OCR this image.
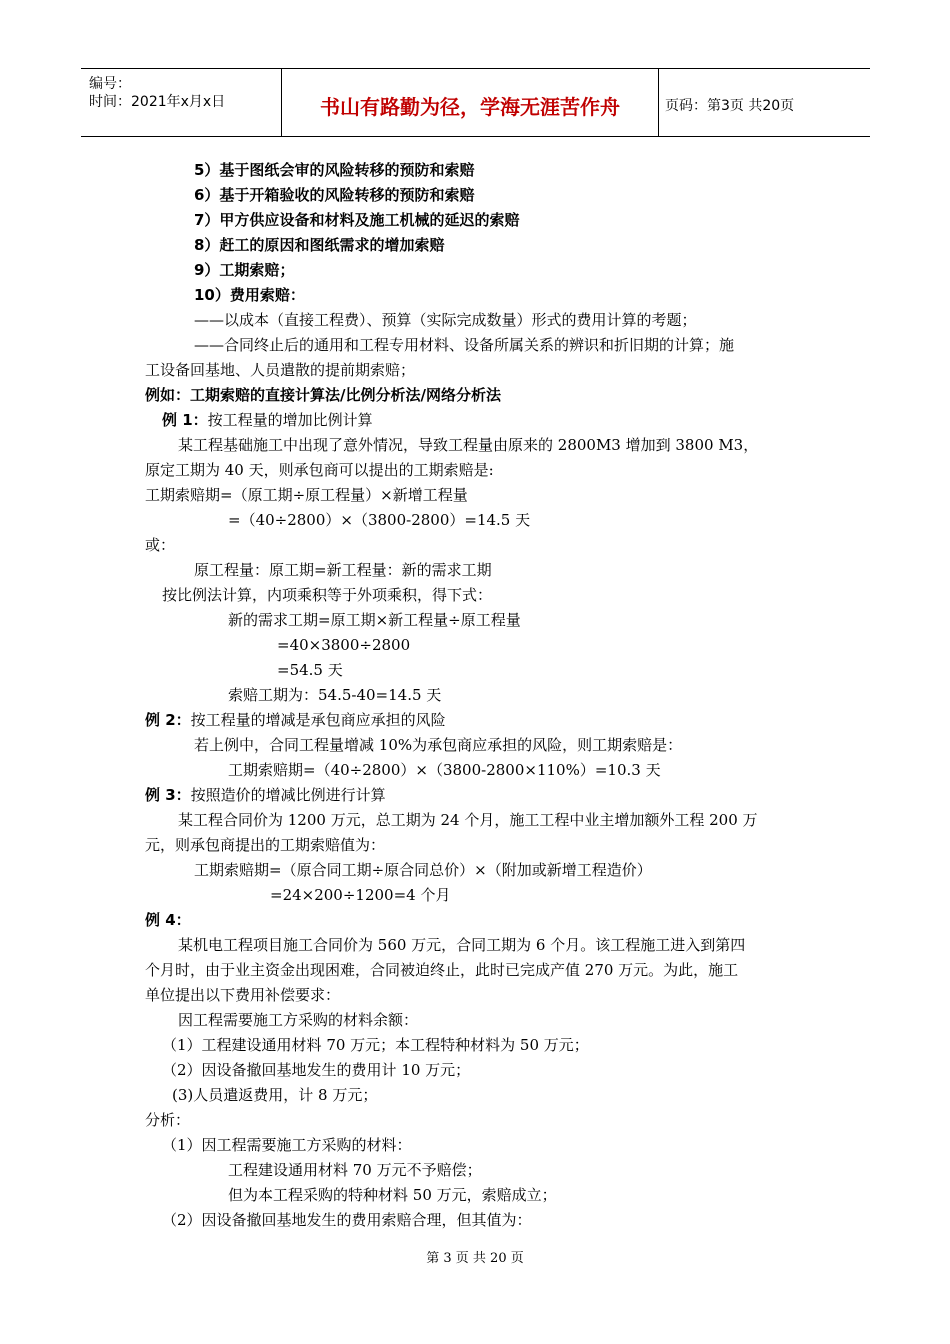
编号：
时间：2021年x月x日	书山有路勤为径，学海无涯苦作舟	页码：第3页 共20页
5）基于图纸会审的风险转移的预防和索赔
6）基于开箱验收的风险转移的预防和索赔
7）甲方供应设备和材料及施工机械的延迟的索赔
8）赶工的原因和图纸需求的增加索赔
9）工期索赔；
10）费用索赔：
——以成本（直接工程费）、预算（实际完成数量）形式的费用计算的考题；
——合同终止后的通用和工程专用材料、设备所属关系的辨识和折旧期的计算；施
工设备回基地、人员遣散的提前期索赔；
例如：工期索赔的直接计算法/比例分析法/网络分析法
例 1：按工程量的增加比例计算
某工程基础施工中出现了意外情况，导致工程量由原来的 2800M3 增加到 3800 M3，
原定工期为 40 天，则承包商可以提出的工期索赔是:
工期索赔期=（原工期÷原工程量）×新增工程量
=（40÷2800）×（3800-2800）=14.5 天
或：
原工程量：原工期=新工程量：新的需求工期
按比例法计算，内项乘积等于外项乘积，得下式：
新的需求工期=原工期×新工程量÷原工程量
=40×3800÷2800
=54.5 天
索赔工期为：54.5-40=14.5 天
例 2：按工程量的增减是承包商应承担的风险
若上例中，合同工程量增减 10%为承包商应承担的风险，则工期索赔是：
工期索赔期=（40÷2800）×（3800-2800×110%）=10.3 天
例 3：按照造价的增减比例进行计算
某工程合同价为 1200 万元，总工期为 24 个月，施工工程中业主增加额外工程 200 万
元，则承包商提出的工期索赔值为：
工期索赔期=（原合同工期÷原合同总价）×（附加或新增工程造价）
=24×200÷1200=4 个月
例 4：
某机电工程项目施工合同价为 560 万元，合同工期为 6 个月。该工程施工进入到第四
个月时，由于业主资金出现困难，合同被迫终止，此时已完成产值 270 万元。为此，施工
单位提出以下费用补偿要求：
因工程需要施工方采购的材料余额：
（1）工程建设通用材料 70 万元；本工程特种材料为 50 万元；
（2）因设备撤回基地发生的费用计 10 万元；
(3)人员遣返费用，计 8 万元；
分析：
（1）因工程需要施工方采购的材料：
工程建设通用材料 70 万元不予赔偿；
但为本工程采购的特种材料 50 万元，索赔成立；
（2）因设备撤回基地发生的费用索赔合理，但其值为：
第 3 页 共 20 页
